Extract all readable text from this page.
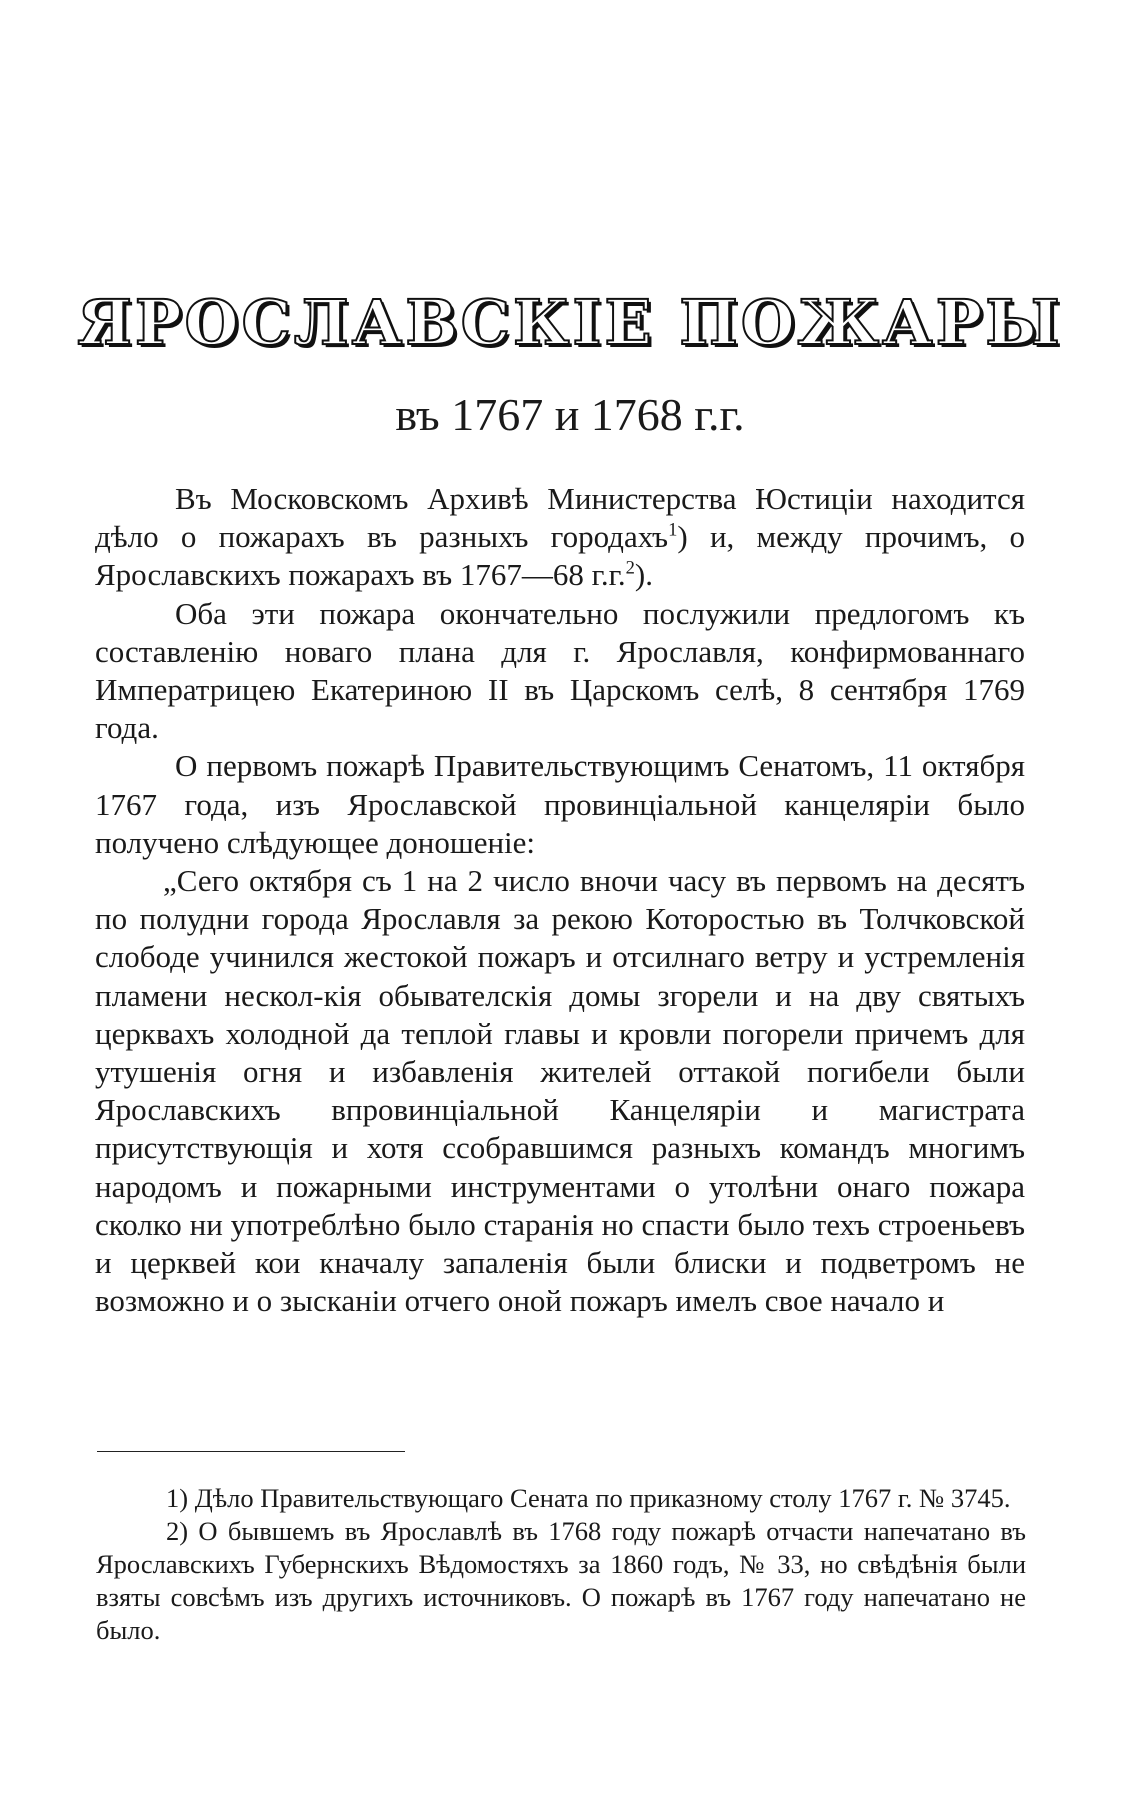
ЯРОСЛАВСКІЕ ПОЖАРЫ
въ 1767 и 1768 г.г.

Въ Московскомъ Архивѣ Министерства Юстиціи находится дѣло о пожарахъ въ разныхъ городахъ$^1$) и, между прочимъ, о Ярославскихъ пожарахъ въ 1767—68 г.г.$^2$).

Оба эти пожара окончательно послужили предлогомъ къ составленію новаго плана для г. Ярославля, конфирмованнаго Императрицею Екатериною II въ Царскомъ селѣ, 8 сентября 1769 года.

О первомъ пожарѣ Правительствующимъ Сенатомъ, 11 октября 1767 года, изъ Ярославской провинціальной канцеляріи было получено слѣдующее доношеніе:

„Сего октября съ 1 на 2 число вночи часу въ первомъ на десятъ по полудни города Ярославля за рекою Которостью въ Толчковской слободе учинился жестокой пожаръ и отсилнаго ветру и устремленія пламени нескол-кія обывателскія домы згорели и на дву святыхъ церквахъ холодной да теплой главы и кровли погорели причемъ для утушенія огня и избавленія жителей оттакой погибели были Ярославскихъ впровинціальной Канцеляріи и магистрата присутствующія и хотя ссобравшимся разныхъ командъ многимъ народомъ и пожарными инструментами о утолѣни онаго пожара сколко ни употреблѣно было старанія но спасти было техъ строеньевъ и церквей кои кначалу запаленія были блиски и подветромъ не возможно и о зысканіи отчего оной пожаръ имелъ свое начало и

1) Дѣло Правительствующаго Сената по приказному столу 1767 г. № 3745.

2) О бывшемъ въ Ярославлѣ въ 1768 году пожарѣ отчасти напечатано въ Ярославскихъ Губернскихъ Вѣдомостяхъ за 1860 годъ, № 33, но свѣдѣнія были взяты совсѣмъ изъ другихъ источниковъ. О пожарѣ въ 1767 году напечатано не было.
